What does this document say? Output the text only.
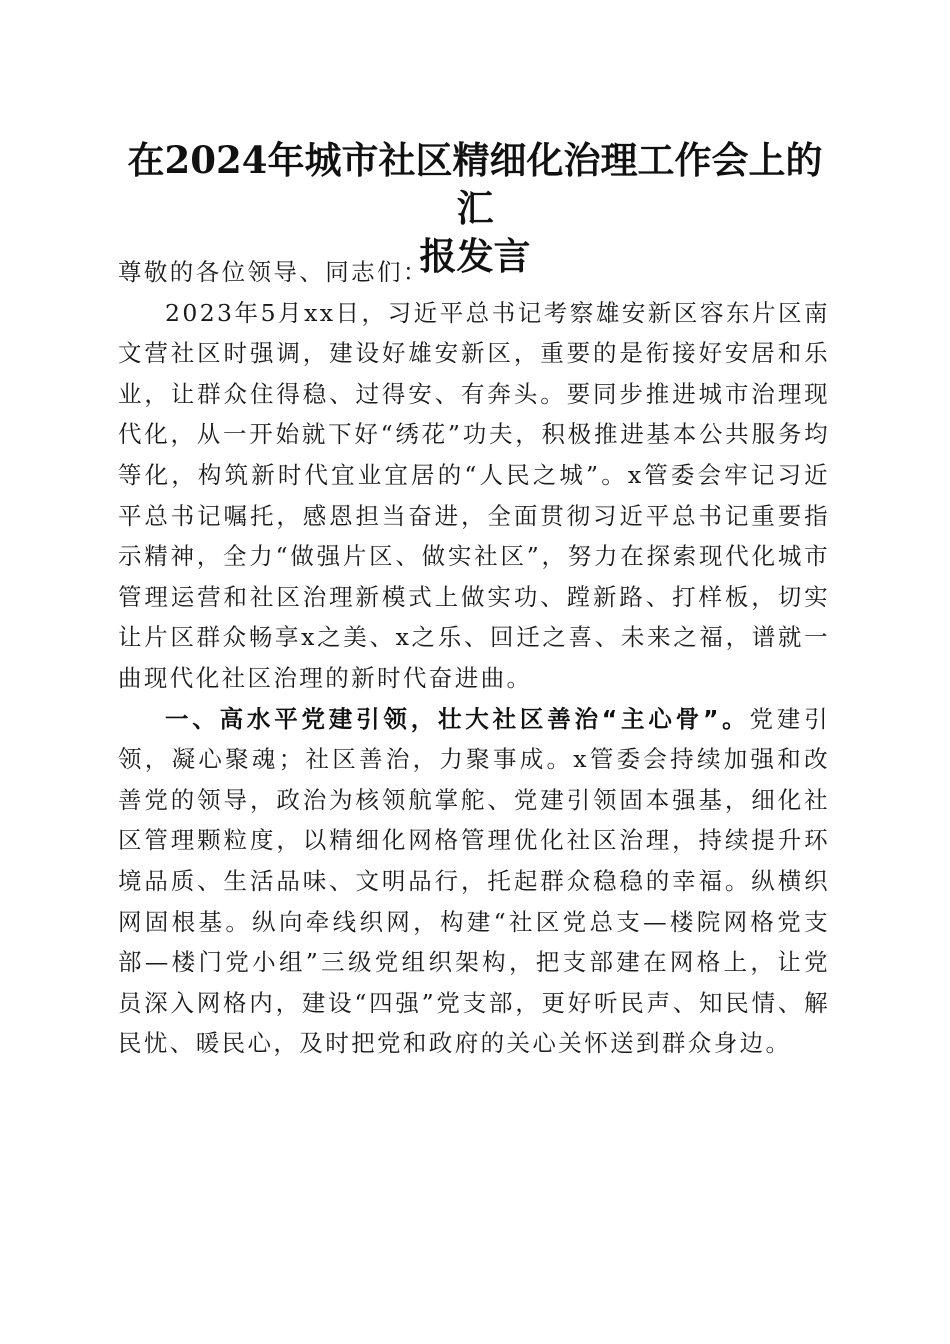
在2024年城市社区精细化治理工作会上的汇
报发言

尊敬的各位领导、同志们：

2023年5月xx日，习近平总书记考察雄安新区容东片区南文营社区时强调，建设好雄安新区，重要的是衔接好安居和乐业，让群众住得稳、过得安、有奔头。要同步推进城市治理现代化，从一开始就下好“绣花”功夫，积极推进基本公共服务均等化，构筑新时代宜业宜居的“人民之城”。x管委会牢记习近平总书记嘱托，感恩担当奋进，全面贯彻习近平总书记重要指示精神，全力“做强片区、做实社区”，努力在探索现代化城市管理运营和社区治理新模式上做实功、蹚新路、打样板，切实让片区群众畅享x之美、x之乐、回迁之喜、未来之福，谱就一曲现代化社区治理的新时代奋进曲。

一、高水平党建引领，壮大社区善治“主心骨”。党建引领，凝心聚魂；社区善治，力聚事成。x管委会持续加强和改善党的领导，政治为核领航掌舵、党建引领固本强基，细化社区管理颗粒度，以精细化网格管理优化社区治理，持续提升环境品质、生活品味、文明品行，托起群众稳稳的幸福。纵横织网固根基。纵向牵线织网，构建“社区党总支—楼院网格党支部—楼门党小组”三级党组织架构，把支部建在网格上，让党员深入网格内，建设“四强”党支部，更好听民声、知民情、解民忧、暖民心，及时把党和政府的关心关怀送到群众身边。
